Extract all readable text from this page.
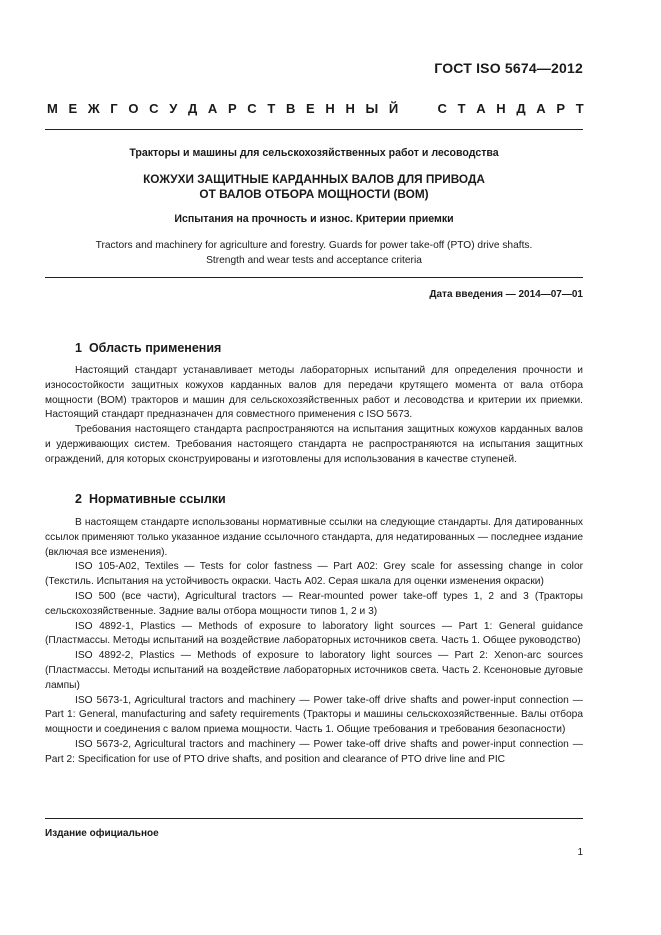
ГОСТ ISO 5674—2012
М Е Ж Г О С У Д А Р С Т В Е Н Н Ы Й

	С Т А Н Д А Р Т
Тракторы и машины для сельскохозяйственных работ и лесоводства
КОЖУХИ ЗАЩИТНЫЕ КАРДАННЫХ ВАЛОВ ДЛЯ ПРИВОДА
ОТ ВАЛОВ ОТБОРА МОЩНОСТИ (ВОМ)
Испытания на прочность и износ. Критерии приемки
Tractors and machinery for agriculture and forestry. Guards for power take-off (PTO) drive shafts.
Strength and wear tests and acceptance criteria
Дата введения — 2014—07—01
1 Область применения

Настоящий стандарт устанавливает методы лабораторных испытаний для определения прочности и износостойкости защитных кожухов карданных валов для передачи крутящего момента от вала отбора мощности (ВОМ) тракторов и машин для сельскохозяйственных работ и лесоводства и критерии их приемки. Настоящий стандарт предназначен для совместного применения с ISO 5673.

Требования настоящего стандарта распространяются на испытания защитных кожухов карданных валов и удерживающих систем. Требования настоящего стандарта не распространяются на испытания защитных ограждений, для которых сконструированы и изготовлены для использования в качестве ступеней.

2 Нормативные ссылки

В настоящем стандарте использованы нормативные ссылки на следующие стандарты. Для датированных ссылок применяют только указанное издание ссылочного стандарта, для недатированных — последнее издание (включая все изменения).

ISO 105-A02, Textiles — Tests for color fastness — Part A02: Grey scale for assessing change in color (Текстиль. Испытания на устойчивость окраски. Часть A02. Серая шкала для оценки изменения окраски)

ISO 500 (все части), Agricultural tractors — Rear-mounted power take-off types 1, 2 and 3 (Тракторы сельскохозяйственные. Задние валы отбора мощности типов 1, 2 и 3)

ISO 4892-1, Plastics — Methods of exposure to laboratory light sources — Part 1: General guidance (Пластмассы. Методы испытаний на воздействие лабораторных источников света. Часть 1. Общее руководство)

ISO 4892-2, Plastics — Methods of exposure to laboratory light sources — Part 2: Xenon-arc sources (Пластмассы. Методы испытаний на воздействие лабораторных источников света. Часть 2. Ксеноновые дуговые лампы)

ISO 5673-1, Agricultural tractors and machinery — Power take-off drive shafts and power-input connection — Part 1: General, manufacturing and safety requirements (Тракторы и машины сельскохозяйственные. Валы отбора мощности и соединения с валом приема мощности. Часть 1. Общие требования и требования безопасности)

ISO 5673-2, Agricultural tractors and machinery — Power take-off drive shafts and power-input connection — Part 2: Specification for use of PTO drive shafts, and position and clearance of PTO drive line and PIC

Издание официальное
1
